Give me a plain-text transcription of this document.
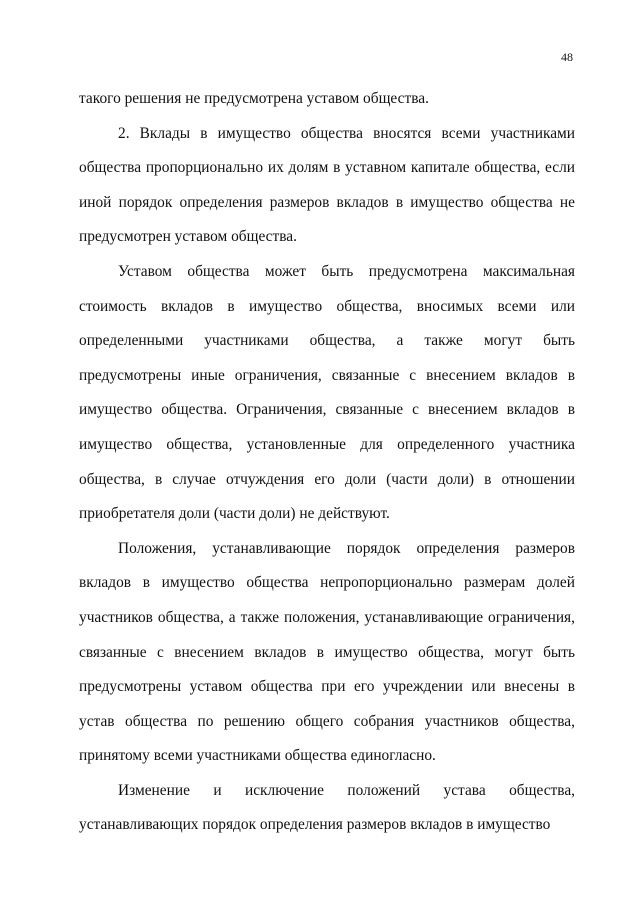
48

такого решения не предусмотрена уставом общества.

2. Вклады в имущество общества вносятся всеми участниками общества пропорционально их долям в уставном капитале общества, если иной порядок определения размеров вкладов в имущество общества не предусмотрен уставом общества.

Уставом общества может быть предусмотрена максимальная стоимость вкладов в имущество общества, вносимых всеми или определенными участниками общества, а также могут быть предусмотрены иные ограничения, связанные с внесением вкладов в имущество общества. Ограничения, связанные с внесением вкладов в имущество общества, установленные для определенного участника общества, в случае отчуждения его доли (части доли) в отношении приобретателя доли (части доли) не действуют.

Положения, устанавливающие порядок определения размеров вкладов в имущество общества непропорционально размерам долей участников общества, а также положения, устанавливающие ограничения, связанные с внесением вкладов в имущество общества, могут быть предусмотрены уставом общества при его учреждении или внесены в устав общества по решению общего собрания участников общества, принятому всеми участниками общества единогласно.

Изменение и исключение положений устава общества, устанавливающих порядок определения размеров вкладов в имущество
